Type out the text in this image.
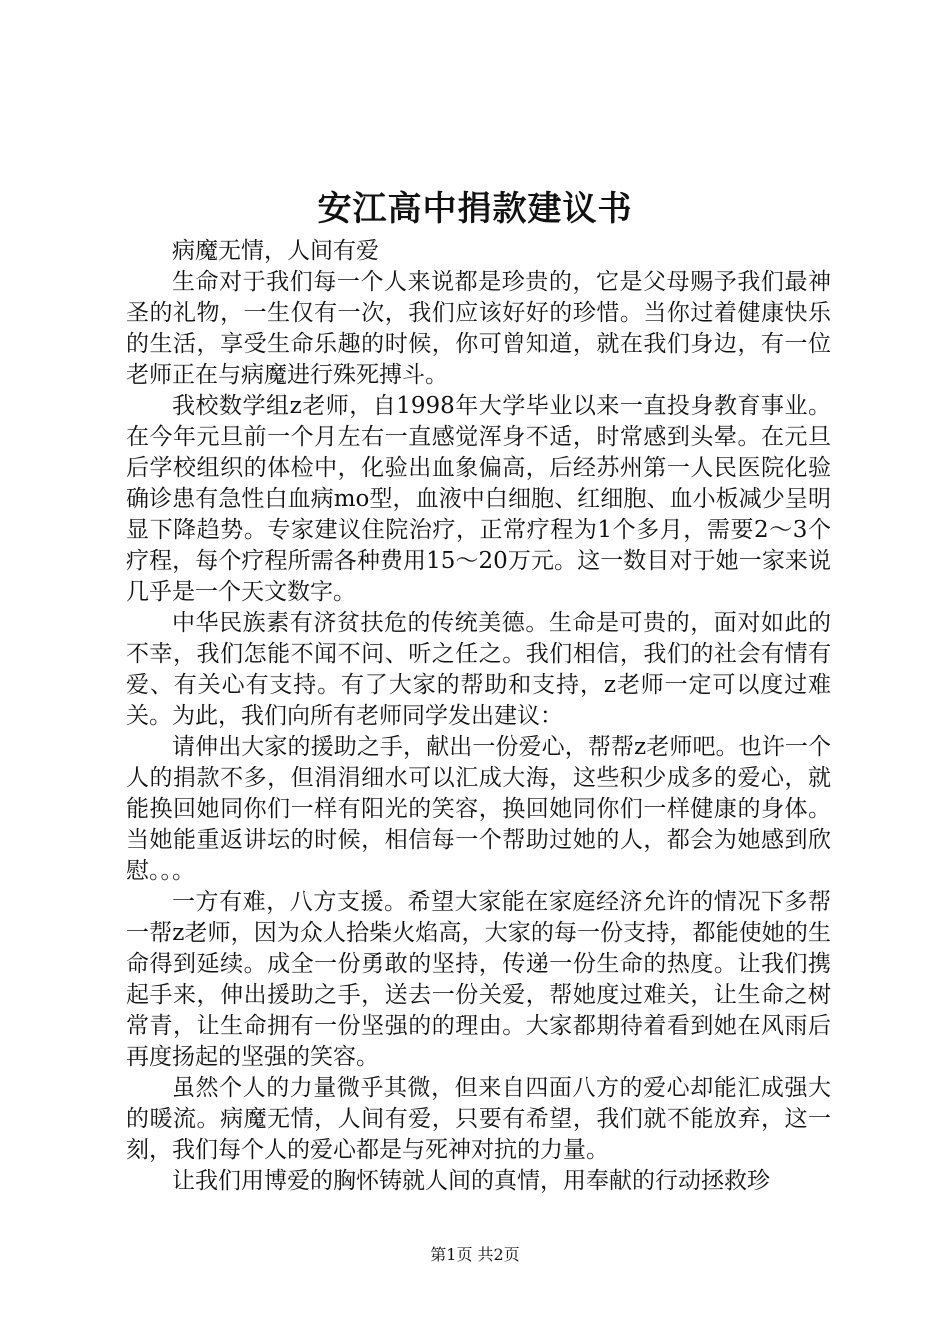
安江高中捐款建议书

病魔无情，人间有爱

生命对于我们每一个人来说都是珍贵的，它是父母赐予我们最神圣的礼物，一生仅有一次，我们应该好好的珍惜。当你过着健康快乐的生活，享受生命乐趣的时候，你可曾知道，就在我们身边，有一位老师正在与病魔进行殊死搏斗。

我校数学组z老师，自1998年大学毕业以来一直投身教育事业。在今年元旦前一个月左右一直感觉浑身不适，时常感到头晕。在元旦后学校组织的体检中，化验出血象偏高，后经苏州第一人民医院化验确诊患有急性白血病mo型，血液中白细胞、红细胞、血小板减少呈明显下降趋势。专家建议住院治疗，正常疗程为1个多月，需要2～3个疗程，每个疗程所需各种费用15～20万元。这一数目对于她一家来说几乎是一个天文数字。

中华民族素有济贫扶危的传统美德。生命是可贵的，面对如此的不幸，我们怎能不闻不问、听之任之。我们相信，我们的社会有情有爱、有关心有支持。有了大家的帮助和支持，z老师一定可以度过难关。为此，我们向所有老师同学发出建议：

请伸出大家的援助之手，献出一份爱心，帮帮z老师吧。也许一个人的捐款不多，但涓涓细水可以汇成大海，这些积少成多的爱心，就能换回她同你们一样有阳光的笑容，换回她同你们一样健康的身体。当她能重返讲坛的时候，相信每一个帮助过她的人，都会为她感到欣慰。。。

一方有难，八方支援。希望大家能在家庭经济允许的情况下多帮一帮z老师，因为众人拾柴火焰高，大家的每一份支持，都能使她的生命得到延续。成全一份勇敢的坚持，传递一份生命的热度。让我们携起手来，伸出援助之手，送去一份关爱，帮她度过难关，让生命之树常青，让生命拥有一份坚强的的理由。大家都期待着看到她在风雨后再度扬起的坚强的笑容。

虽然个人的力量微乎其微，但来自四面八方的爱心却能汇成强大的暖流。病魔无情，人间有爱，只要有希望，我们就不能放弃，这一刻，我们每个人的爱心都是与死神对抗的力量。

让我们用博爱的胸怀铸就人间的真情，用奉献的行动拯救珍

第1页 共2页
